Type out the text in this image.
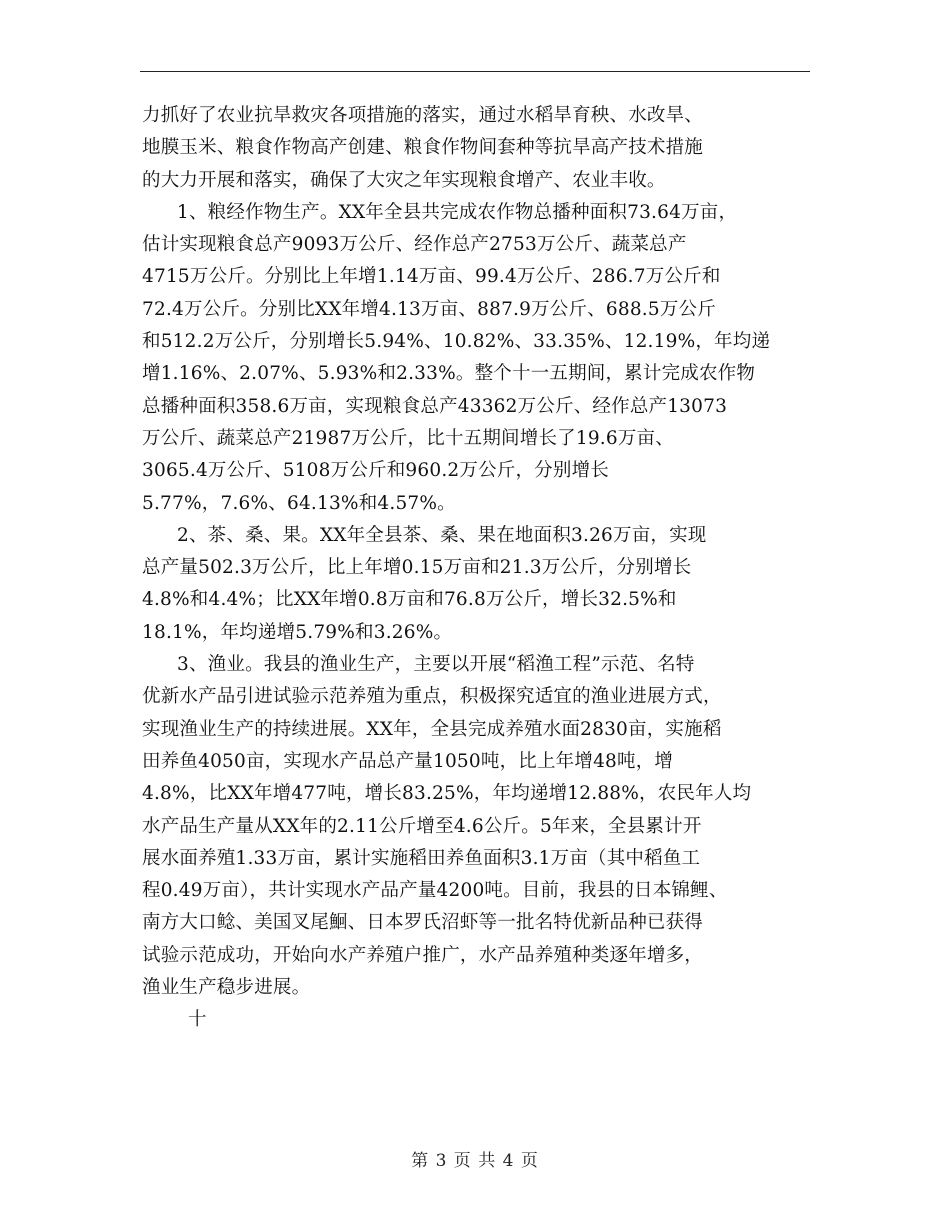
力抓好了农业抗旱救灾各项措施的落实，通过水稻旱育秧、水改旱、
地膜玉米、粮食作物高产创建、粮食作物间套种等抗旱高产技术措施
的大力开展和落实，确保了大灾之年实现粮食增产、农业丰收。
1、粮经作物生产。XX年全县共完成农作物总播种面积73.64万亩，
估计实现粮食总产9093万公斤、经作总产2753万公斤、蔬菜总产
4715万公斤。分别比上年增1.14万亩、99.4万公斤、286.7万公斤和
72.4万公斤。分别比XX年增4.13万亩、887.9万公斤、688.5万公斤
和512.2万公斤，分别增长5.94%、10.82%、33.35%、12.19%，年均递
增1.16%、2.07%、5.93%和2.33%。整个十一五期间，累计完成农作物
总播种面积358.6万亩，实现粮食总产43362万公斤、经作总产13073
万公斤、蔬菜总产21987万公斤，比十五期间增长了19.6万亩、
3065.4万公斤、5108万公斤和960.2万公斤，分别增长
5.77%，7.6%、64.13%和4.57%。
2、茶、桑、果。XX年全县茶、桑、果在地面积3.26万亩，实现
总产量502.3万公斤，比上年增0.15万亩和21.3万公斤，分别增长
4.8%和4.4%；比XX年增0.8万亩和76.8万公斤，增长32.5%和
18.1%，年均递增5.79%和3.26%。
3、渔业。我县的渔业生产，主要以开展“稻渔工程”示范、名特
优新水产品引进试验示范养殖为重点，积极探究适宜的渔业进展方式，
实现渔业生产的持续进展。XX年，全县完成养殖水面2830亩，实施稻
田养鱼4050亩，实现水产品总产量1050吨，比上年增48吨，增
4.8%，比XX年增477吨，增长83.25%，年均递增12.88%，农民年人均
水产品生产量从XX年的2.11公斤增至4.6公斤。5年来，全县累计开
展水面养殖1.33万亩，累计实施稻田养鱼面积3.1万亩（其中稻鱼工
程0.49万亩），共计实现水产品产量4200吨。目前，我县的日本锦鲤、
南方大口鲶、美国叉尾鮰、日本罗氏沼虾等一批名特优新品种已获得
试验示范成功，开始向水产养殖户推广，水产品养殖种类逐年增多，
渔业生产稳步进展。
十
第 3 页 共 4 页
